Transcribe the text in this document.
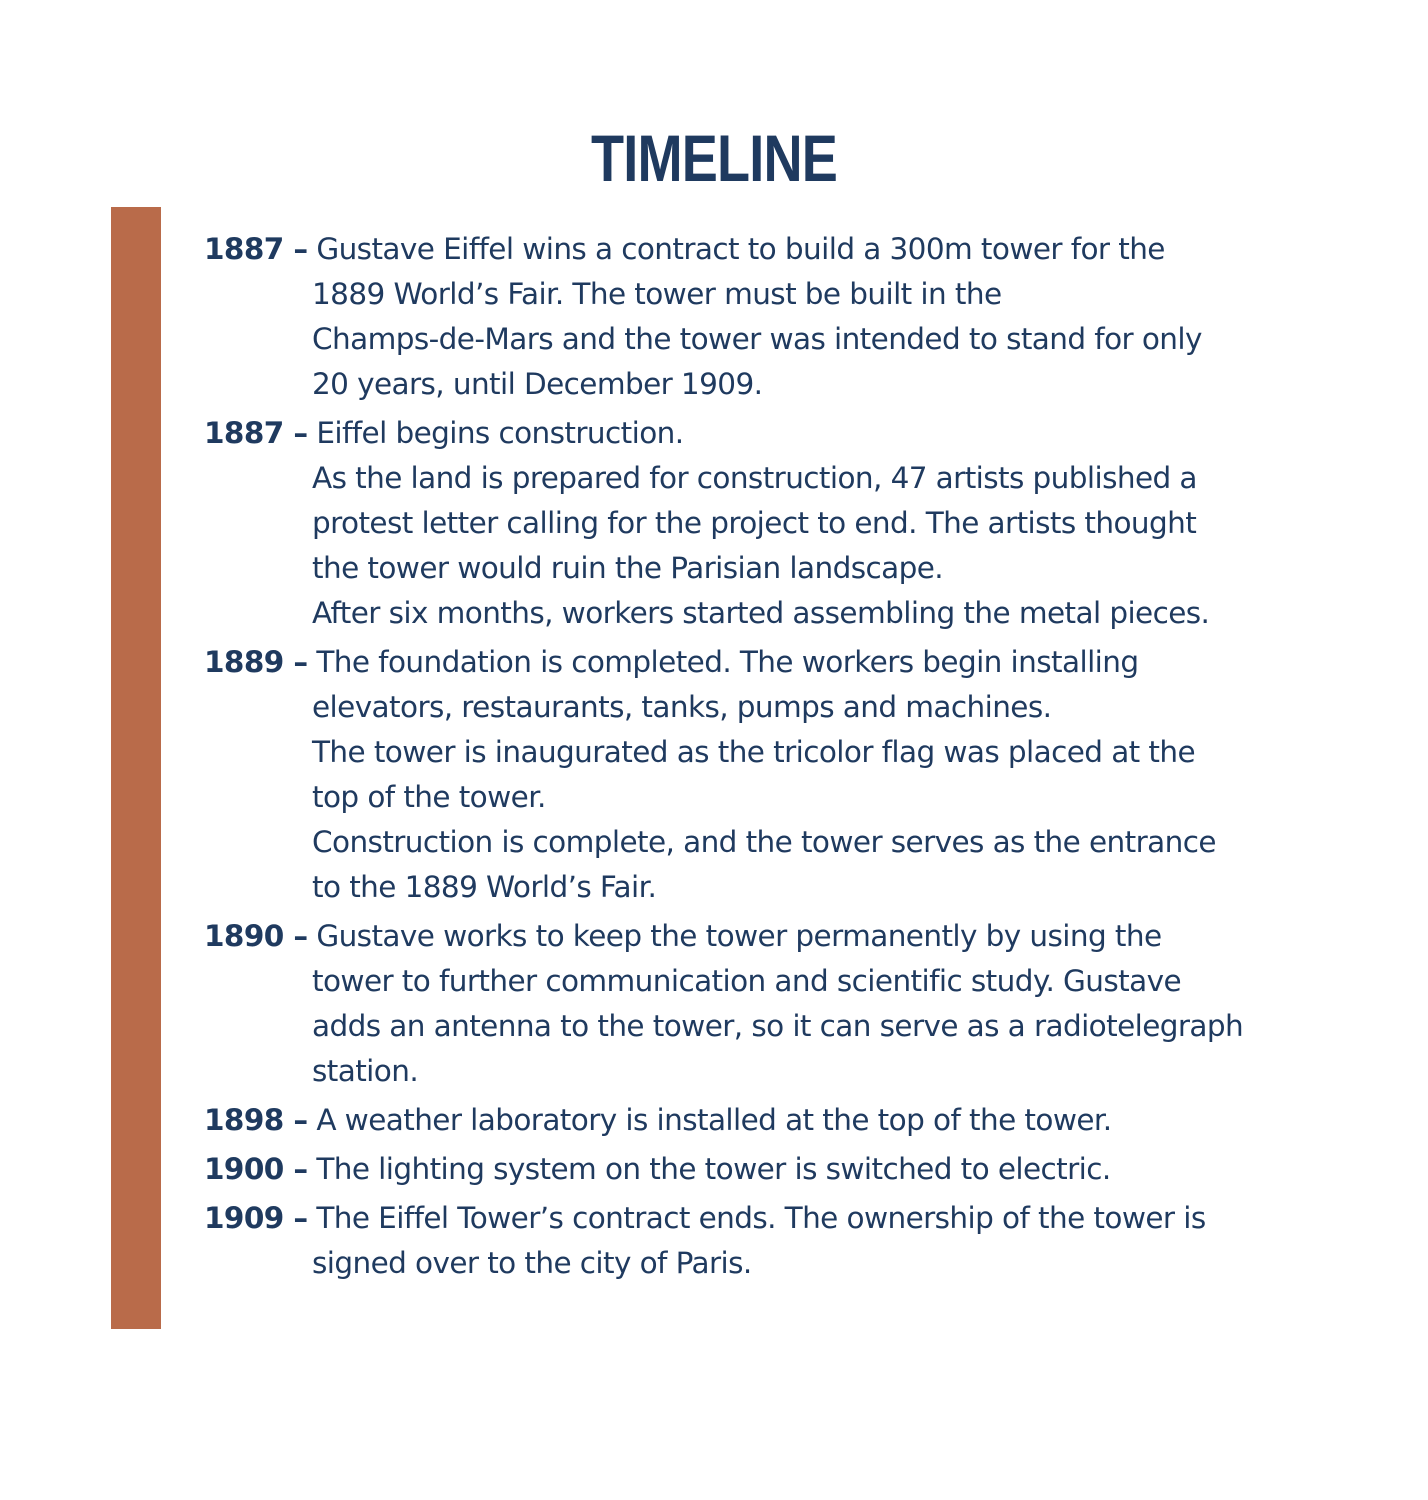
TIMELINE
1887 – Gustave Eiffel wins a contract to build a 300m tower for the
1889 World’s Fair. The tower must be built in the
Champs-de-Mars and the tower was intended to stand for only
20 years, until December 1909.
1887 – Eiffel begins construction.
As the land is prepared for construction, 47 artists published a
protest letter calling for the project to end. The artists thought
the tower would ruin the Parisian landscape.
After six months, workers started assembling the metal pieces.
1889 – The foundation is completed. The workers begin installing
elevators, restaurants, tanks, pumps and machines.
The tower is inaugurated as the tricolor flag was placed at the
top of the tower.
Construction is complete, and the tower serves as the entrance
to the 1889 World’s Fair.
1890 – Gustave works to keep the tower permanently by using the
tower to further communication and scientific study. Gustave
adds an antenna to the tower, so it can serve as a radiotelegraph
station.
1898 – A weather laboratory is installed at the top of the tower.
1900 – The lighting system on the tower is switched to electric.
1909 – The Eiffel Tower’s contract ends. The ownership of the tower is
signed over to the city of Paris.
